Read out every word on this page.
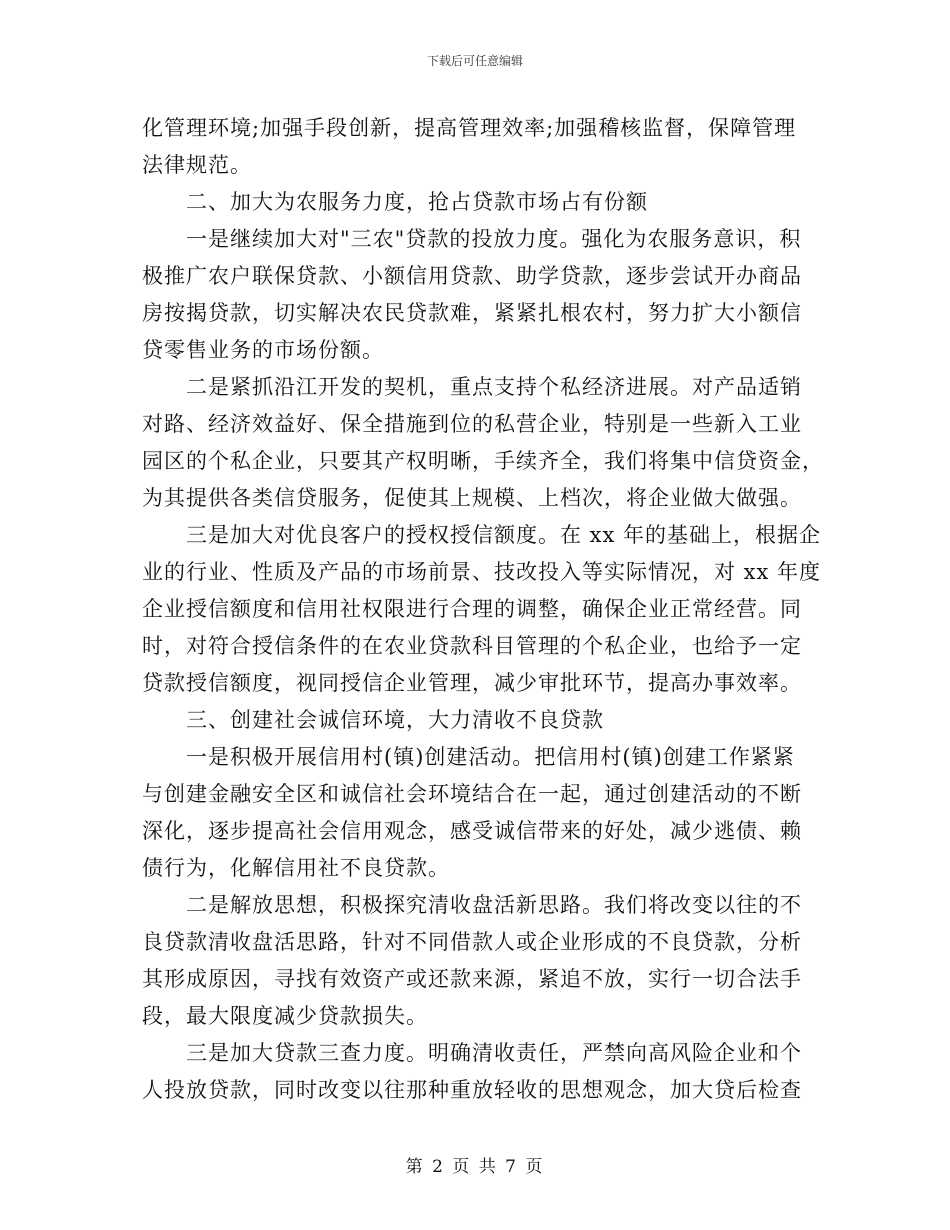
下载后可任意编辑
化管理环境;加强手段创新，提高管理效率;加强稽核监督，保障管理
法律规范。
二、加大为农服务力度，抢占贷款市场占有份额
一是继续加大对"三农"贷款的投放力度。强化为农服务意识，积
极推广农户联保贷款、小额信用贷款、助学贷款，逐步尝试开办商品
房按揭贷款，切实解决农民贷款难，紧紧扎根农村，努力扩大小额信
贷零售业务的市场份额。
二是紧抓沿江开发的契机，重点支持个私经济进展。对产品适销
对路、经济效益好、保全措施到位的私营企业，特别是一些新入工业
园区的个私企业，只要其产权明晰，手续齐全，我们将集中信贷资金，
为其提供各类信贷服务，促使其上规模、上档次，将企业做大做强。
三是加大对优良客户的授权授信额度。在 xx 年的基础上，根据企
业的行业、性质及产品的市场前景、技改投入等实际情况，对 xx 年度
企业授信额度和信用社权限进行合理的调整，确保企业正常经营。同
时，对符合授信条件的在农业贷款科目管理的个私企业，也给予一定
贷款授信额度，视同授信企业管理，减少审批环节，提高办事效率。
三、创建社会诚信环境，大力清收不良贷款
一是积极开展信用村(镇)创建活动。把信用村(镇)创建工作紧紧
与创建金融安全区和诚信社会环境结合在一起，通过创建活动的不断
深化，逐步提高社会信用观念，感受诚信带来的好处，减少逃债、赖
债行为，化解信用社不良贷款。
二是解放思想，积极探究清收盘活新思路。我们将改变以往的不
良贷款清收盘活思路，针对不同借款人或企业形成的不良贷款，分析
其形成原因，寻找有效资产或还款来源，紧追不放，实行一切合法手
段，最大限度减少贷款损失。
三是加大贷款三查力度。明确清收责任，严禁向高风险企业和个
人投放贷款，同时改变以往那种重放轻收的思想观念，加大贷后检查
第 2 页 共 7 页
